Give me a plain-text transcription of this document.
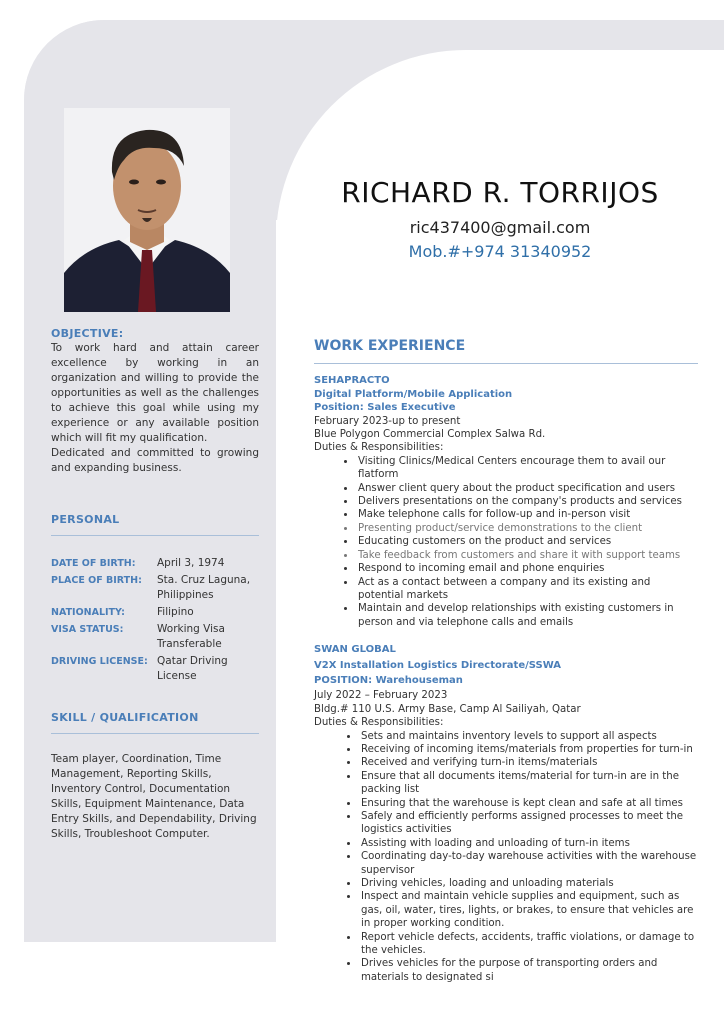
RICHARD R. TORRIJOS
ric437400@gmail.com
Mob.#+974 31340952
OBJECTIVE:

To work hard and attain career excellence by working in an organization and willing to provide the opportunities as well as the challenges to achieve this goal while using my experience or any available position which will fit my qualification.

Dedicated and committed to growing and expanding business.

PERSONAL
DATE OF BIRTH:	April 3, 1974
PLACE OF BIRTH:	Sta. Cruz Laguna, Philippines
NATIONALITY:	Filipino
VISA STATUS:	Working Visa Transferable
DRIVING LICENSE: Qatar Driving License
SKILL / QUALIFICATION

Team player, Coordination, Time Management, Reporting Skills, Inventory Control, Documentation Skills, Equipment Maintenance, Data Entry Skills, and Dependability, Driving Skills, Troubleshoot Computer.

WORK EXPERIENCE
SEHAPRACTO
Digital Platform/Mobile Application
Position: Sales Executive
February 2023-up to present
Blue Polygon Commercial Complex Salwa Rd.
Duties & Responsibilities:
• Visiting Clinics/Medical Centers encourage them to avail our flatform
• Answer client query about the product specification and users
• Delivers presentations on the company's products and services
• Make telephone calls for follow-up and in-person visit
• Presenting product/service demonstrations to the client
• Educating customers on the product and services
• Take feedback from customers and share it with support teams
• Respond to incoming email and phone enquiries
• Act as a contact between a company and its existing and potential markets
• Maintain and develop relationships with existing customers in person and via telephone calls and emails
SWAN GLOBAL
V2X Installation Logistics Directorate/SSWA
POSITION: Warehouseman
July 2022 – February 2023
Bldg.# 110 U.S. Army Base, Camp Al Sailiyah, Qatar
Duties & Responsibilities:
• Sets and maintains inventory levels to support all aspects
• Receiving of incoming items/materials from properties for turn-in
• Received and verifying turn-in items/materials
• Ensure that all documents items/material for turn-in are in the packing list
• Ensuring that the warehouse is kept clean and safe at all times
• Safely and efficiently performs assigned processes to meet the logistics activities
• Assisting with loading and unloading of turn-in items
• Coordinating day-to-day warehouse activities with the warehouse supervisor
• Driving vehicles, loading and unloading materials
• Inspect and maintain vehicle supplies and equipment, such as gas, oil, water, tires, lights, or brakes, to ensure that vehicles are in proper working condition.
• Report vehicle defects, accidents, traffic violations, or damage to the vehicles.
• Drives vehicles for the purpose of transporting orders and materials to designated si
